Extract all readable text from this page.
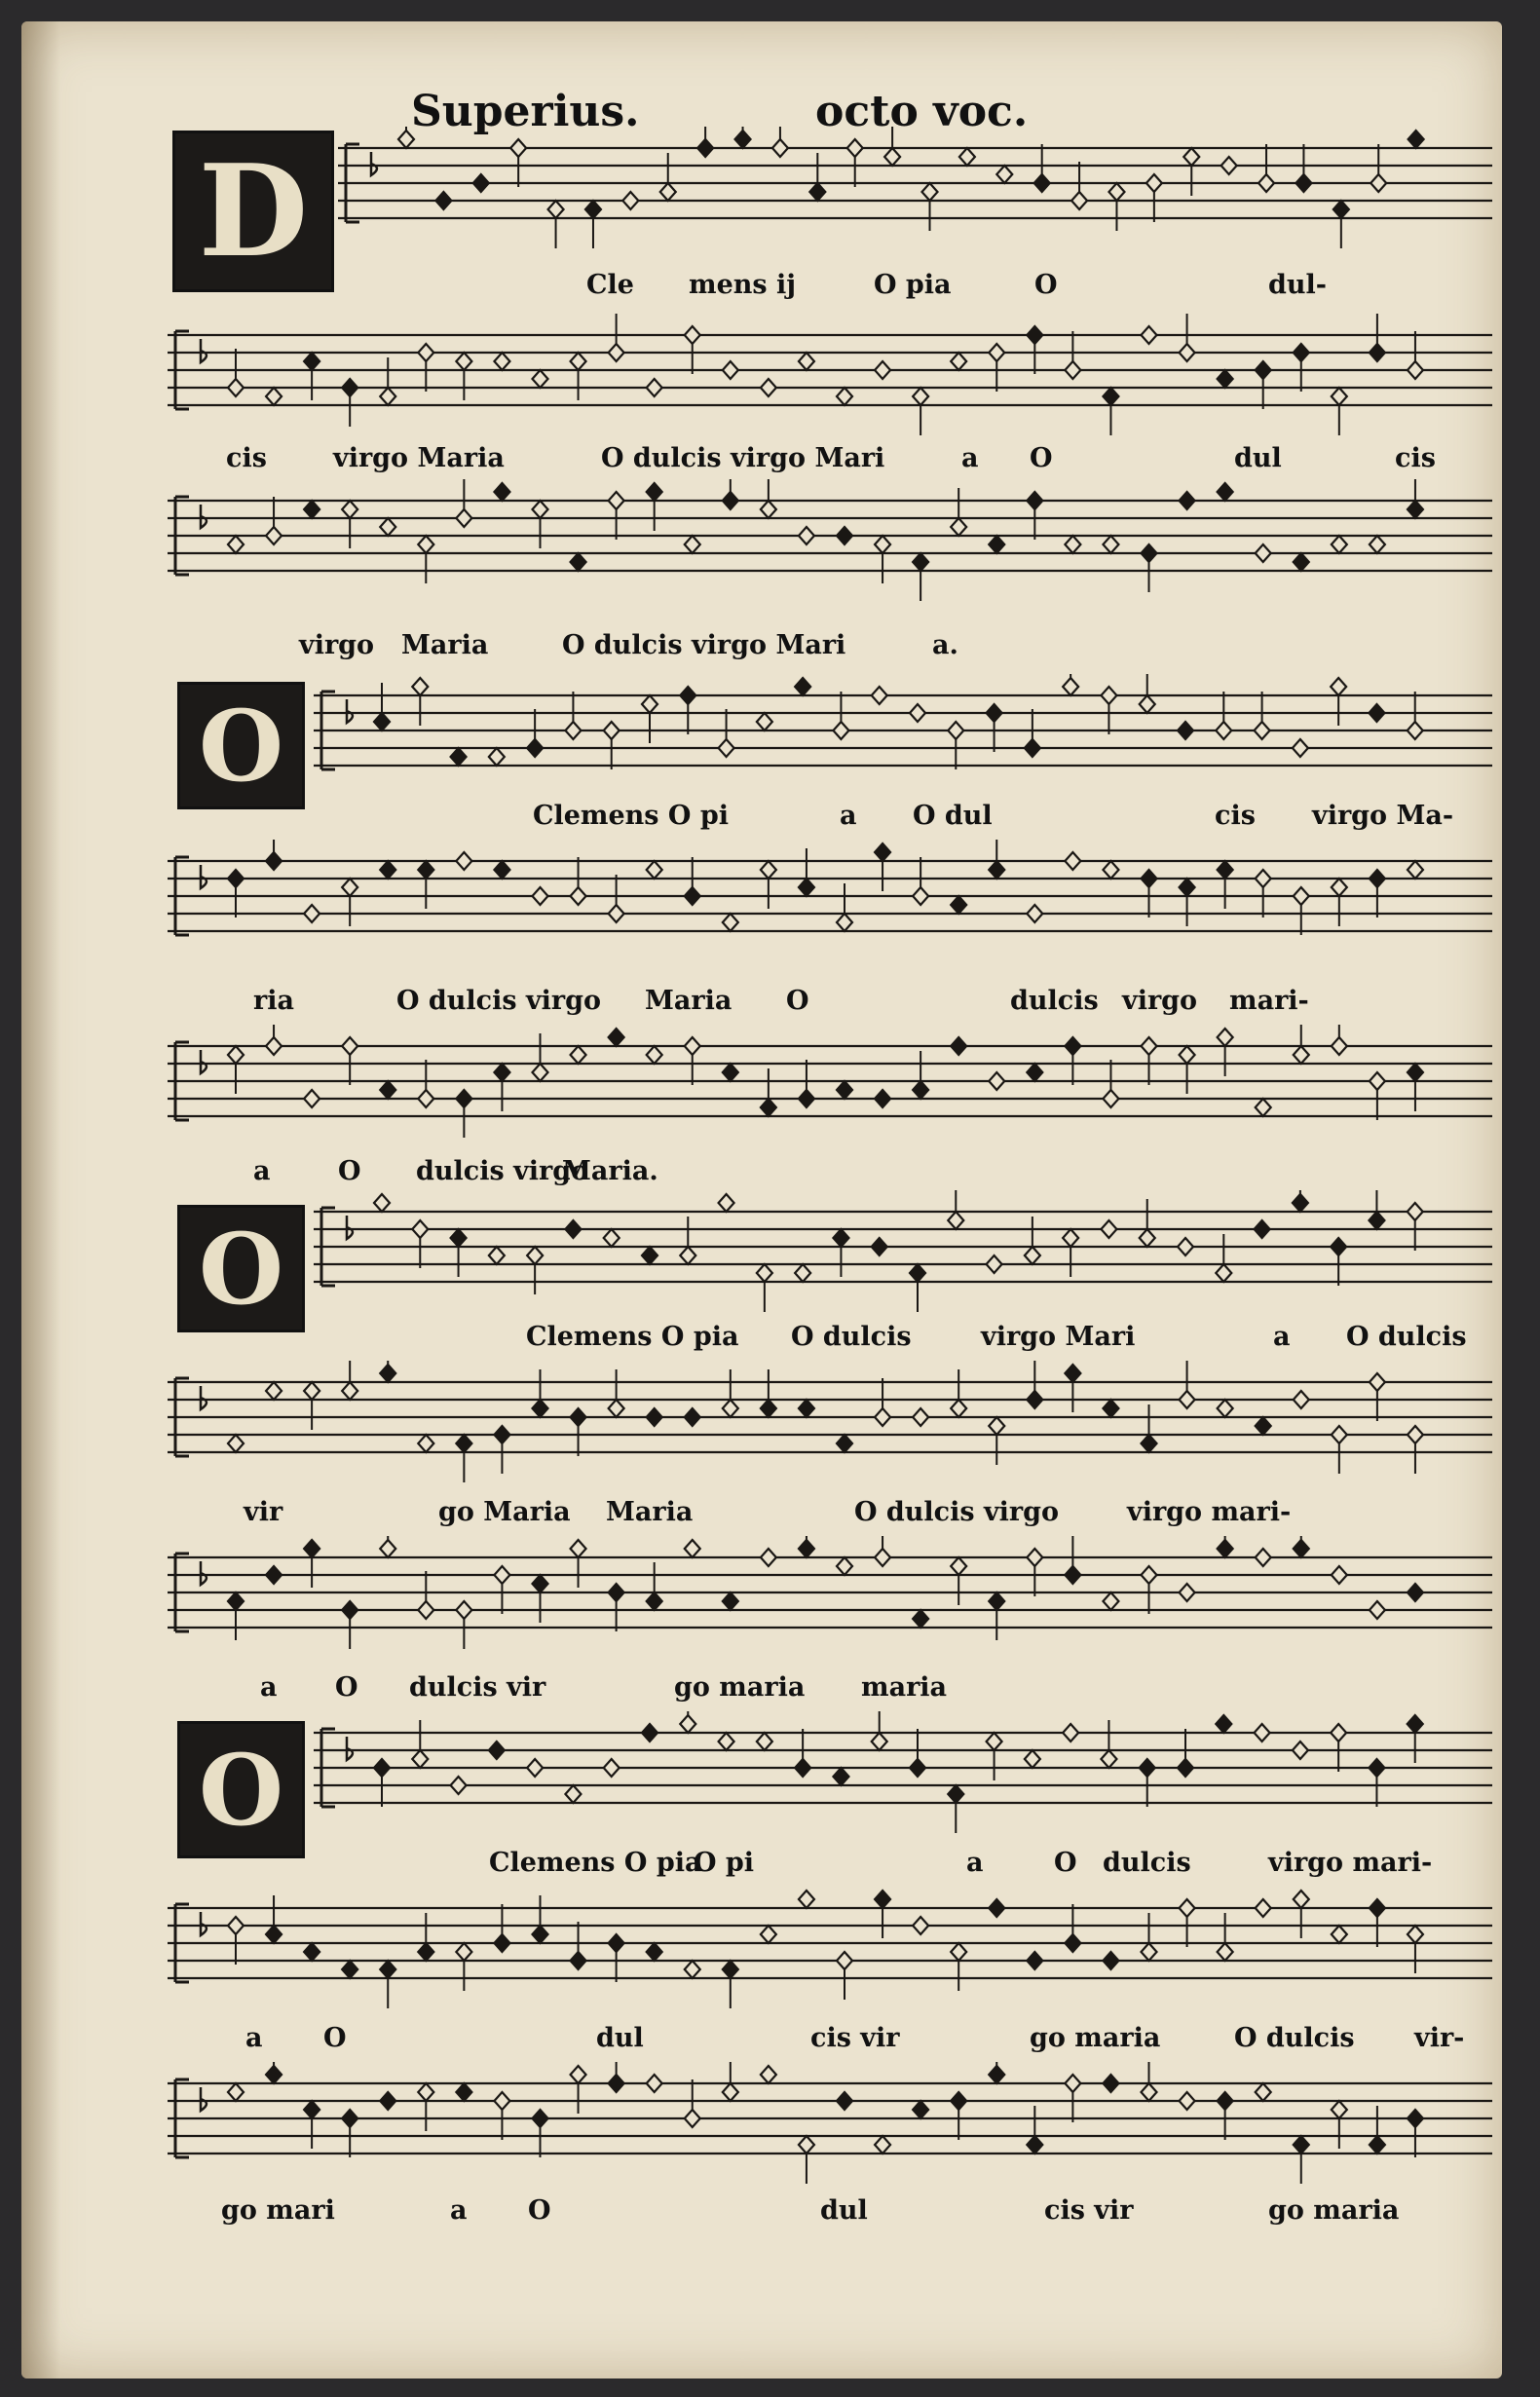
Superius.	octo voc.
D	Cle mens ij	O pia	O	dul-
cis	virgo Maria	O dulcis virgo Mari	a O	dul	cis
virgo Maria	O dulcis virgo Mari	a.
O
Clemens O pi	a O dul	cis virgo Ma-
ria	O dulcis virgo Maria O	dulcis virgo mari-
a	O dulcis virgo
Maria.
O
Clemens O pia O dulcis	virgo Mari	a O dulcis
vir	go Maria Maria	O dulcis virgo	virgo mari-
a O dulcis vir	go maria maria
O
Clemens O pia
O pi	a	O dulcis	virgo mari-
a O	dul	cis vir	go maria	O dulcis vir-
go mari	a O	dul	cis vir	go maria
